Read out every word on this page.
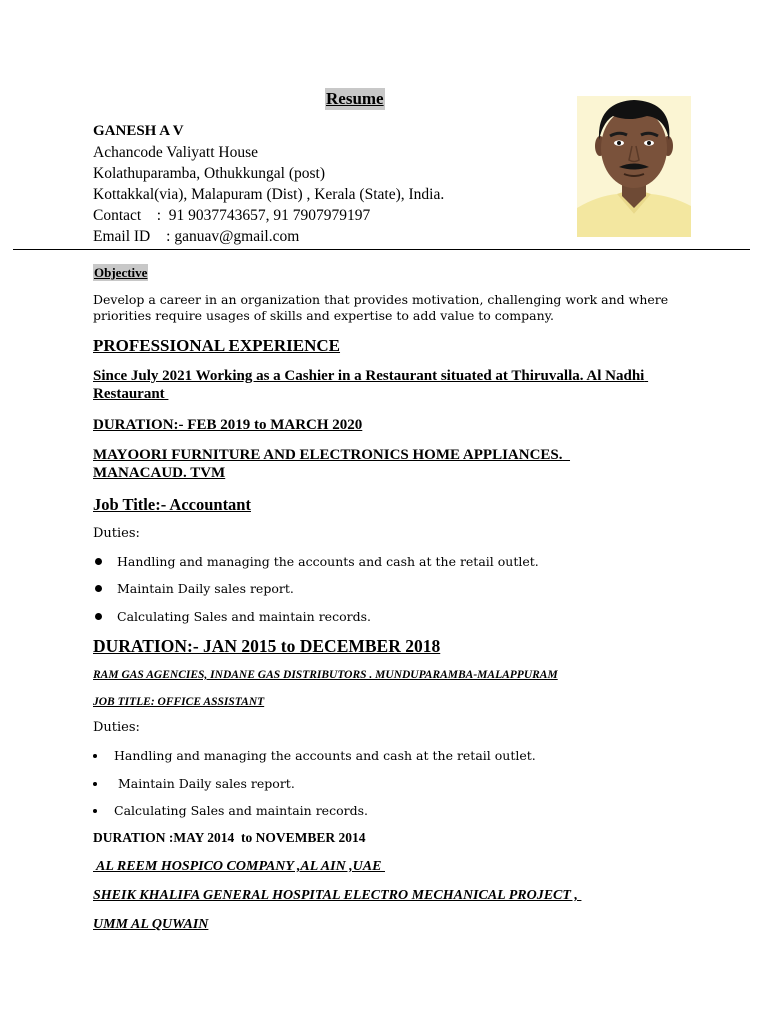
Resume
GANESH A V
Achancode Valiyatt House
Kolathuparamba, Othukkungal (post)
Kottakkal(via), Malapuram (Dist) , Kerala (State), India.
Contact    :  91 9037743657, 91 7907979197
Email ID : ganuav@gmail.com
Objective
Develop a career in an organization that provides motivation, challenging work and where priorities require usages of skills and expertise to add value to company.
PROFESSIONAL EXPERIENCE
Since July 2021 Working as a Cashier in a Restaurant situated at Thiruvalla. Al Nadhi Restaurant
DURATION:- FEB 2019 to MARCH 2020
MAYOORI FURNITURE AND ELECTRONICS HOME APPLIANCES.  MANACAUD. TVM
Job Title:- Accountant
Duties:
Handling and managing the accounts and cash at the retail outlet.
Maintain Daily sales report.
Calculating Sales and maintain records.
DURATION:- JAN 2015 to DECEMBER 2018
RAM GAS AGENCIES, INDANE GAS DISTRIBUTORS . MUNDUPARAMBA-MALAPPURAM
JOB TITLE: OFFICE ASSISTANT
Duties:
Handling and managing the accounts and cash at the retail outlet.
Maintain Daily sales report.
Calculating Sales and maintain records.
DURATION :MAY 2014  to NOVEMBER 2014
AL REEM HOSPICO COMPANY ,AL AIN ,UAE
SHEIK KHALIFA GENERAL HOSPITAL ELECTRO MECHANICAL PROJECT ,
UMM AL QUWAIN
